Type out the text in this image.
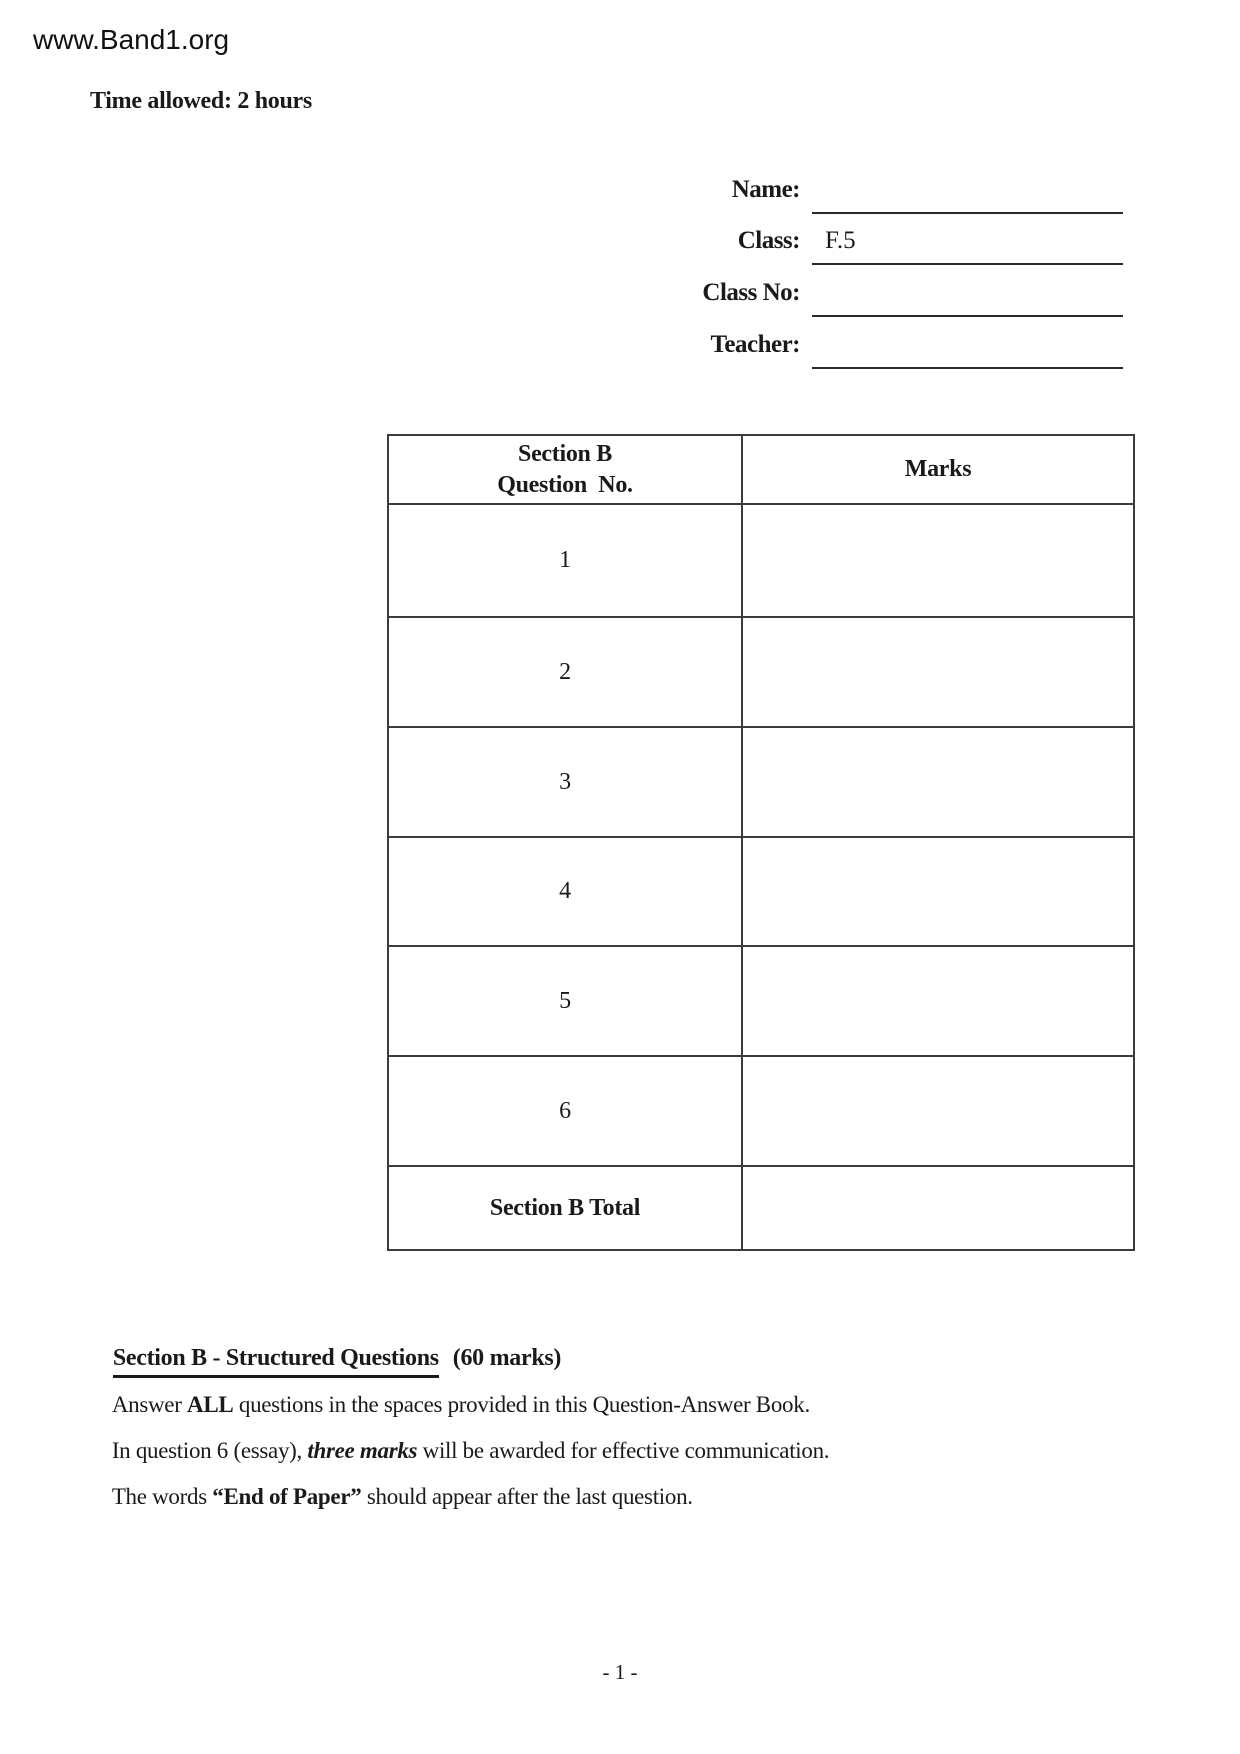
www.Band1.org
Time allowed: 2 hours
Name:
Class: F.5
Class No:
Teacher:
Section B
Question  No.	Marks
1	
2	
3	
4	
5	
6	
Section B Total	

Section B - Structured Questions (60 marks)

Answer ALL questions in the spaces provided in this Question-Answer Book.

In question 6 (essay), three marks will be awarded for effective communication.

The words “End of Paper” should appear after the last question.

- 1 -
